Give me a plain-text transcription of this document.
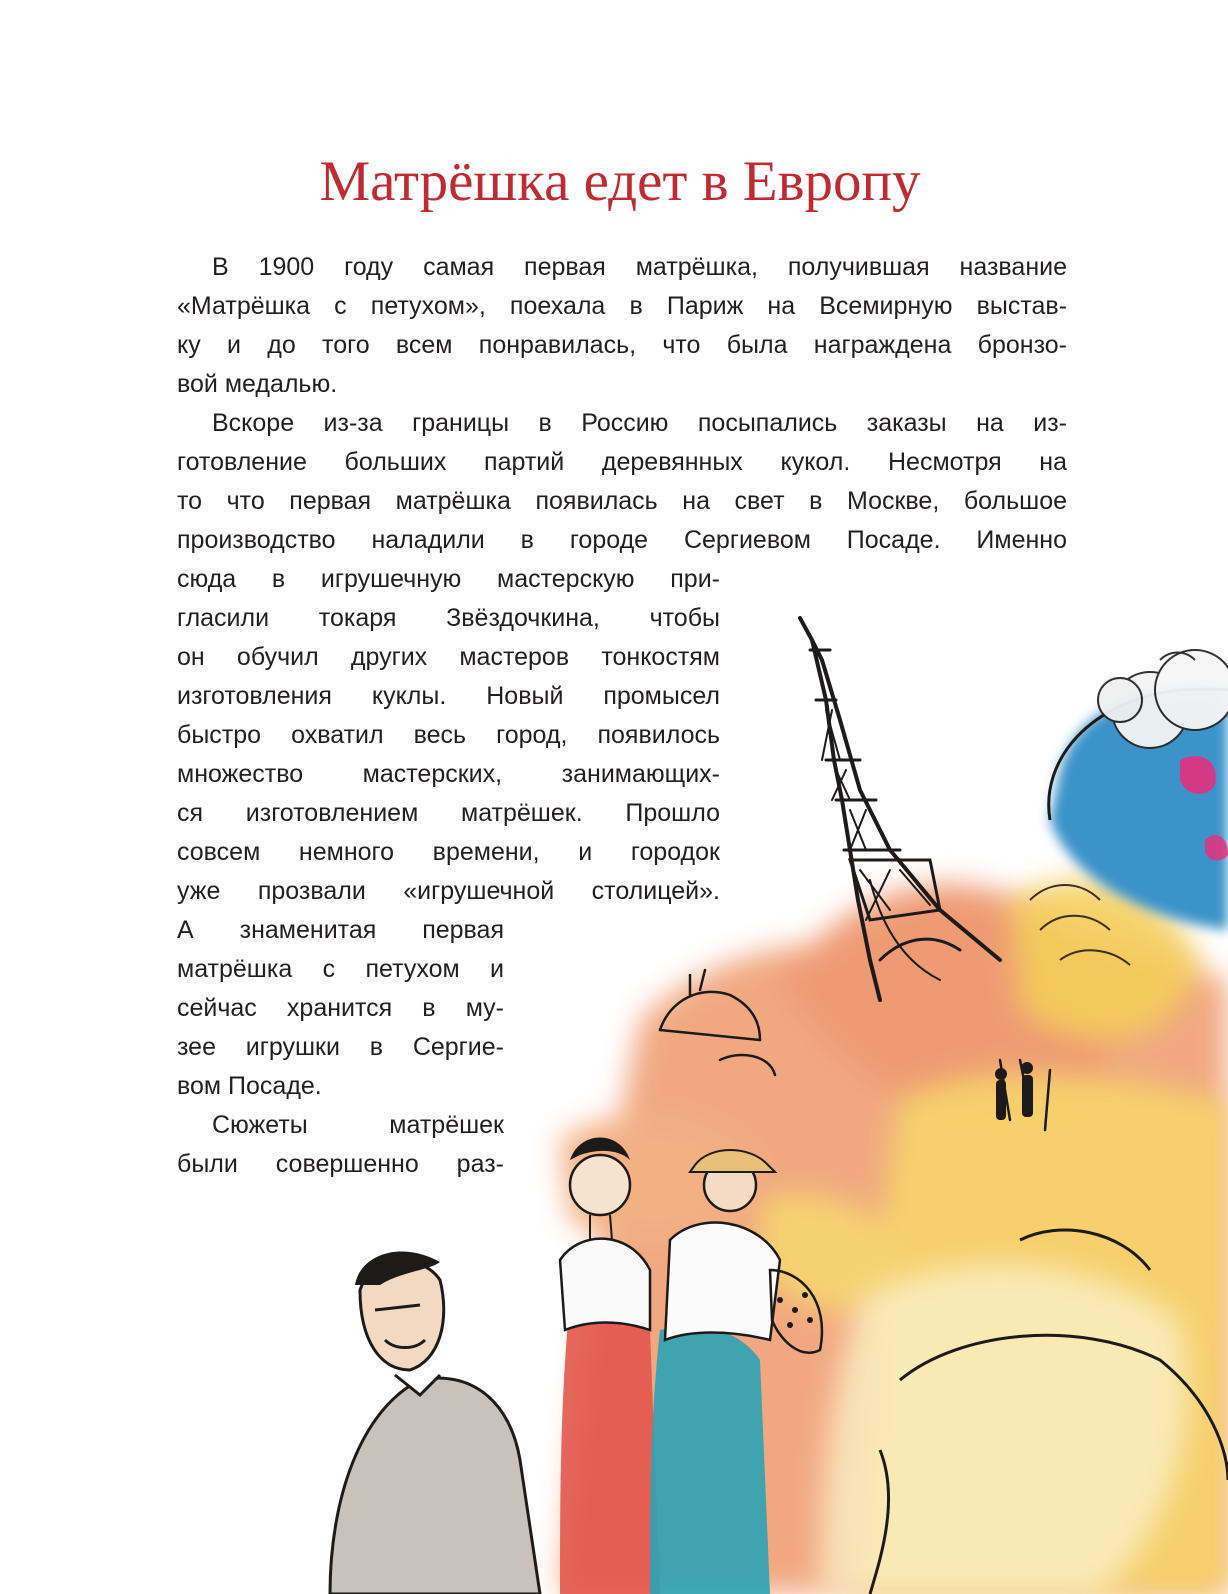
Матрёшка едет в Европу

В 1900 году самая первая матрёшка, получившая название

«Матрёшка с петухом», поехала в Париж на Всемирную выстав-

ку и до того всем понравилась, что была награждена бронзо-

вой медалью.

Вскоре из-за границы в Россию посыпались заказы на из-

готовление больших партий деревянных кукол. Несмотря на

то что первая матрёшка появилась на свет в Москве, большое

производство наладили в городе Сергиевом Посаде. Именно

сюда в игрушечную мастерскую при-

гласили токаря Звёздочкина, чтобы

он обучил других мастеров тонкостям

изготовления куклы. Новый промысел

быстро охватил весь город, появилось

множество мастерских, занимающих-

ся изготовлением матрёшек. Прошло

совсем немного времени, и городок

уже прозвали «игрушечной столицей».

А знаменитая первая

матрёшка с петухом и

сейчас хранится в му-

зее игрушки в Сергие-

вом Посаде.

Сюжеты матрёшек

были совершенно раз-
